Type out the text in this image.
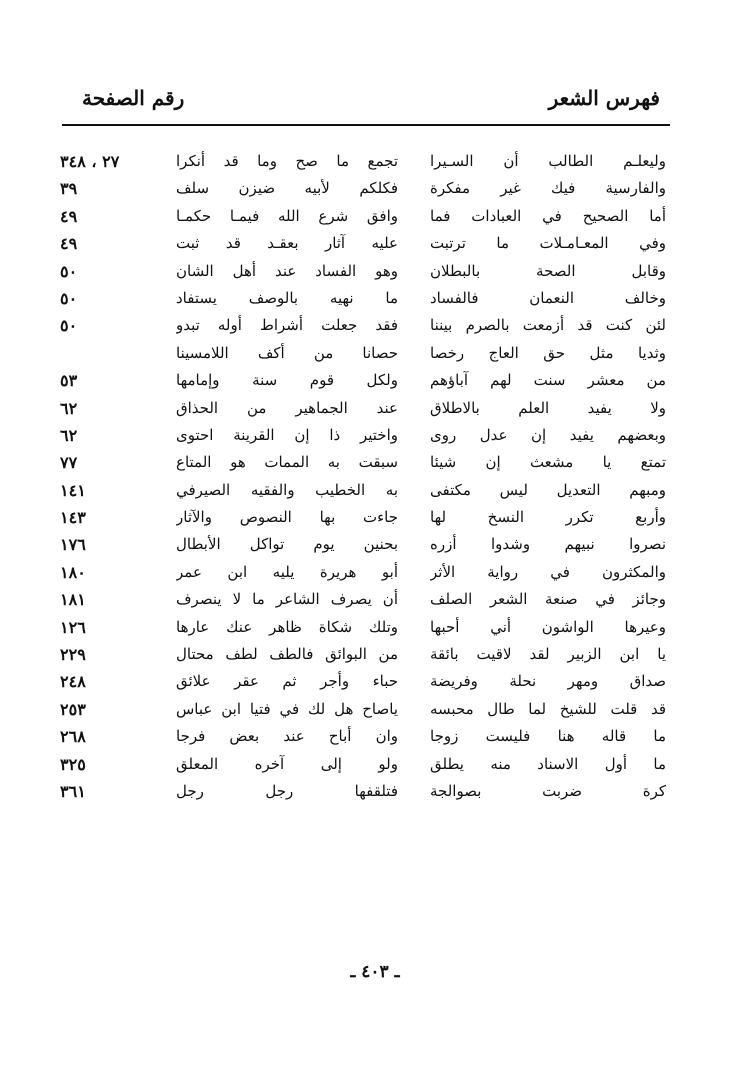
فهرس الشعر
رقم الصفحة
وليعلـم الطالب أن السـيرا
تجمع ما صح وما قد أنكرا
٢٧ ، ٣٤٨
والفارسية فيك غير مفكرة
فكلكم لأبيه ضيزن سلف
٣٩
أما الصحيح في العبادات فما
وافق شرع الله فيمـا حكمـا
٤٩
وفي المعـامـلات ما ترتبت
عليه آثار بعقـد قد ثبت
٤٩
وقابل الصحة بالبطلان
وهو الفساد عند أهل الشان
٥٠
وخالف النعمان فالفساد
ما نهيه بالوصف يستفاد
٥٠
لئن كنت قد أزمعت بالصرم بيننا
فقد جعلت أشراط أوله تبدو
٥٠
وثديا مثل حق العاج رخصا
حصانا من أكف اللامسينا
من معشر سنت لهم آباؤهم
ولكل قوم سنة وإمامها
٥٣
ولا يفيد العلم بالاطلاق
عند الجماهير من الحذاق
٦٢
وبعضهم يفيد إن عدل روى
واختير ذا إن القرينة احتوى
٦٢
تمتع يا مشعث إن شيئا
سبقت به الممات هو المتاع
٧٧
ومبهم التعديل ليس مكتفى
به الخطيب والفقيه الصيرفي
١٤١
وأربع تكرر النسخ لها
جاءت بها النصوص والآثار
١٤٣
نصروا نبيهم وشدوا أزره
بحنين يوم تواكل الأبطال
١٧٦
والمكثرون في رواية الأثر
أبو هريرة يليه ابن عمر
١٨٠
وجائز في صنعة الشعر الصلف
أن يصرف الشاعر ما لا ينصرف
١٨١
وعيرها الواشون أني أحبها
وتلك شكاة ظاهر عنك عارها
١٢٦
يا ابن الزبير لقد لاقيت بائقة
من البوائق فالطف لطف محتال
٢٢٩
صداق ومهر نحلة وفريضة
حباء وأجر ثم عقر علائق
٢٤٨
قد قلت للشيخ لما طال محبسه
ياصاح هل لك في فتيا ابن عباس
٢٥٣
ما قاله هنا فليست زوجا
وان أباح عند بعض فرجا
٢٦٨
ما أول الاسناد منه يطلق
ولو إلى آخره المعلق
٣٢٥
كرة ضربت بصوالجة
فتلقفها رجل رجل
٣٦١
ـ ٤٠٣ ـ
